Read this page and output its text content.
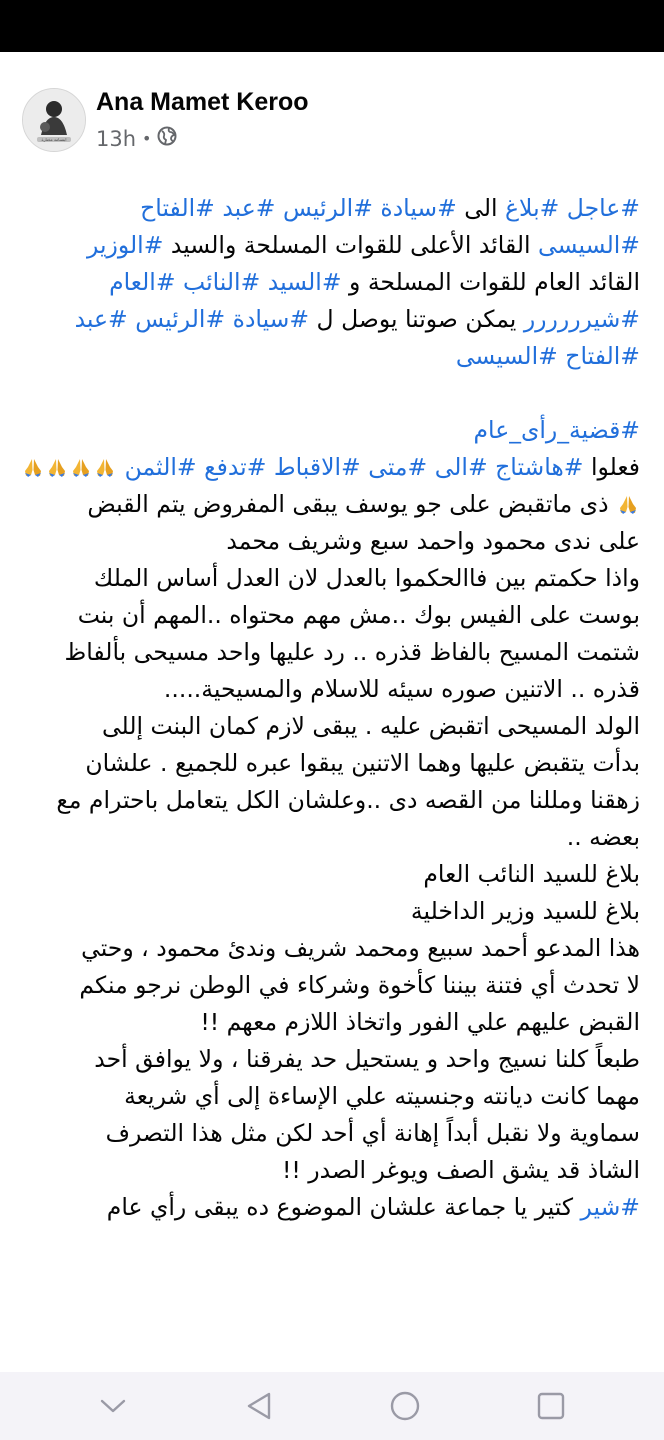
ابتسامة مختارة
Ana Mamet Keroo
13h •
#عاجل #بلاغ الى #سيادة #الرئيس #عبد #الفتاح
#السيسى القائد الأعلى للقوات المسلحة والسيد #الوزير
القائد العام للقوات المسلحة و #السيد #النائب #العام
#شيرررررر يمكن صوتنا يوصل ل #سيادة #الرئيس #عبد
#الفتاح #السيسى
#قضية_رأى_عام
فعلوا #هاشتاج #الى #متى #الاقباط #تدفع #الثمن
ذى ماتقبض على جو يوسف يبقى المفروض يتم القبض
على ندى محمود واحمد سبع وشريف محمد
واذا حكمتم بين فاالحكموا بالعدل لان العدل أساس الملك
بوست على الفيس بوك ..مش مهم محتواه ..المهم أن بنت
شتمت المسيح بالفاظ قذره .. رد عليها واحد مسيحى بألفاظ
قذره .. الاتنين صوره سيئه للاسلام والمسيحية.....
الولد المسيحى اتقبض عليه . يبقى لازم كمان البنت إللى
بدأت يتقبض عليها وهما الاتنين يبقوا عبره للجميع . علشان
زهقنا ومللنا من القصه دى ..وعلشان الكل يتعامل باحترام مع
بعضه ..
بلاغ للسيد النائب العام
بلاغ للسيد وزير الداخلية
هذا المدعو أحمد سبيع ومحمد شريف وندئ محمود ، وحتي
لا تحدث أي فتنة بيننا كأخوة وشركاء في الوطن نرجو منكم
القبض عليهم علي الفور واتخاذ اللازم معهم !!
طبعاً كلنا نسيج واحد و يستحيل حد يفرقنا ، ولا يوافق أحد
مهما كانت ديانته وجنسيته علي الإساءة إلى أي شريعة
سماوية ولا نقبل أبداً إهانة أي أحد لكن مثل هذا التصرف
الشاذ قد يشق الصف ويوغر الصدر !!
#شير كتير يا جماعة علشان الموضوع ده يبقى رأي عام
